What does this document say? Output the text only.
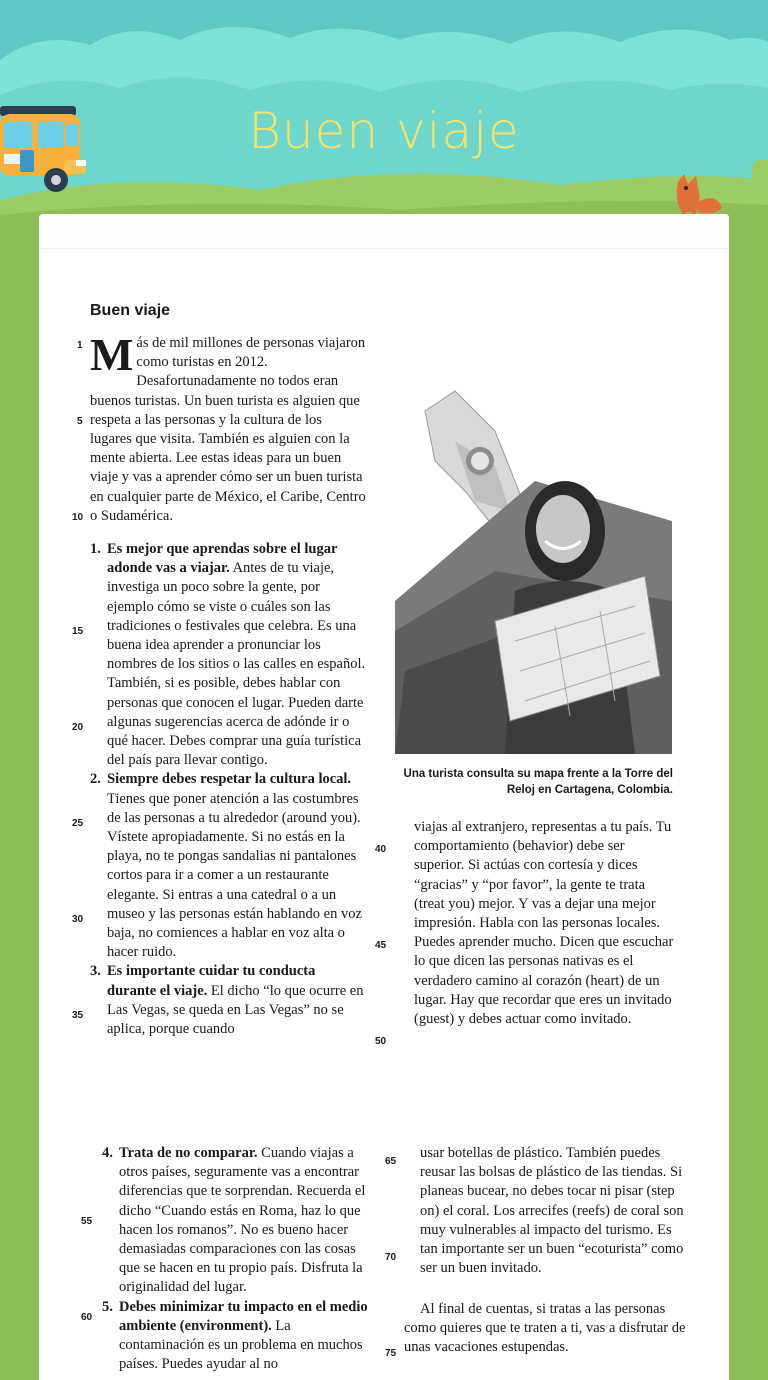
Buen viaje
Buen viaje
1
5
10
15
20
25
30
35
40
45
50
55
60
65
70
75
Más de mil millones de personas viajaron como turistas en 2012. Desafortunadamente no todos eran buenos turistas. Un buen turista es alguien que respeta a las personas y la cultura de los lugares que visita. También es alguien con la mente abierta. Lee estas ideas para un buen viaje y vas a aprender cómo ser un buen turista en cualquier parte de México, el Caribe, Centro o Sudamérica.
1. Es mejor que aprendas sobre el lugar adonde vas a viajar. Antes de tu viaje, investiga un poco sobre la gente, por ejemplo cómo se viste o cuáles son las tradiciones o festivales que celebra. Es una buena idea aprender a pronunciar los nombres de los sitios o las calles en español. También, si es posible, debes hablar con personas que conocen el lugar. Pueden darte algunas sugerencias acerca de adónde ir o qué hacer. Debes comprar una guía turística del país para llevar contigo.
2. Siempre debes respetar la cultura local. Tienes que poner atención a las costumbres de las personas a tu alrededor (around you). Vístete apropiadamente. Si no estás en la playa, no te pongas sandalias ni pantalones cortos para ir a comer a un restaurante elegante. Si entras a una catedral o a un museo y las personas están hablando en voz baja, no comiences a hablar en voz alta o hacer ruido.
3. Es importante cuidar tu conducta durante el viaje. El dicho “lo que ocurre en Las Vegas, se queda en Las Vegas” no se aplica, porque cuando
Una turista consulta su mapa frente a la Torre del Reloj en Cartagena, Colombia.
viajas al extranjero, representas a tu país. Tu comportamiento (behavior) debe ser superior. Si actúas con cortesía y dices “gracias” y “por favor”, la gente te trata (treat you) mejor. Y vas a dejar una mejor impresión. Habla con las personas locales. Puedes aprender mucho. Dicen que escuchar lo que dicen las personas nativas es el verdadero camino al corazón (heart) de un lugar. Hay que recordar que eres un invitado (guest) y debes actuar como invitado.
4. Trata de no comparar. Cuando viajas a otros países, seguramente vas a encontrar diferencias que te sorprendan. Recuerda el dicho “Cuando estás en Roma, haz lo que hacen los romanos”. No es bueno hacer demasiadas comparaciones con las cosas que se hacen en tu propio país. Disfruta la originalidad del lugar.
5. Debes minimizar tu impacto en el medio ambiente (environment). La contaminación es un problema en muchos países. Puedes ayudar al no
usar botellas de plástico. También puedes reusar las bolsas de plástico de las tiendas. Si planeas bucear, no debes tocar ni pisar (step on) el coral. Los arrecifes (reefs) de coral son muy vulnerables al impacto del turismo. Es tan importante ser un buen “ecoturista” como ser un buen invitado.
Al final de cuentas, si tratas a las personas como quieres que te traten a ti, vas a disfrutar de unas vacaciones estupendas.
